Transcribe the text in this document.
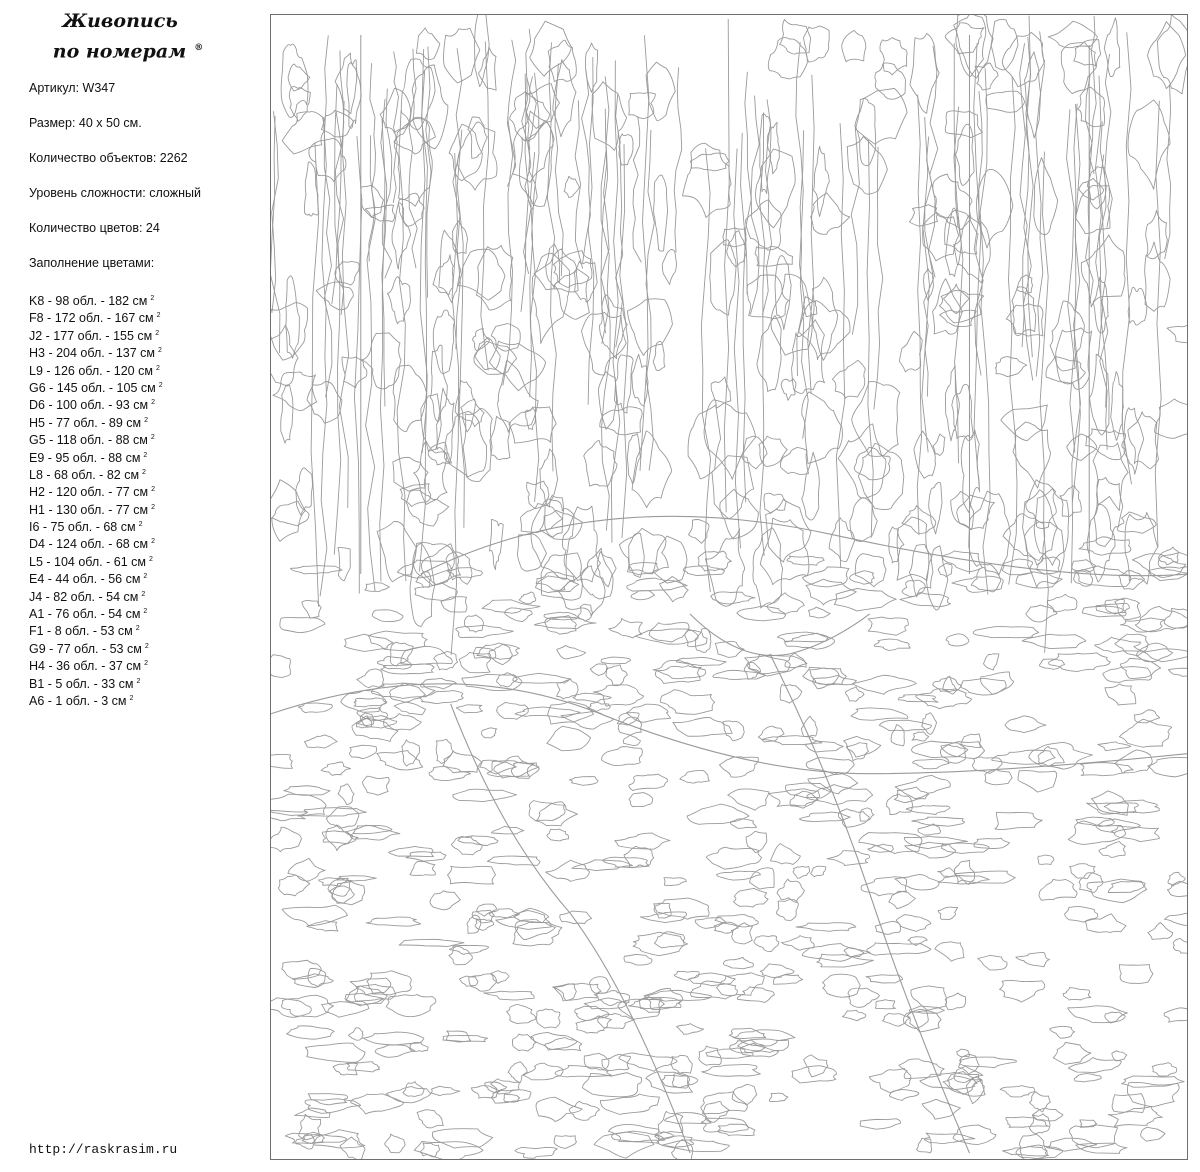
Живопись
по номерам ®
Артикул: W347
Размер: 40 х 50 см.
Количество объектов: 2262
Уровень сложности: сложный
Количество цветов: 24
Заполнение цветами:
K8 - 98 обл. - 182 см $^2$
F8 - 172 обл. - 167 см $^2$
J2 - 177 обл. - 155 см $^2$
H3 - 204 обл. - 137 см $^2$
L9 - 126 обл. - 120 см $^2$
G6 - 145 обл. - 105 см $^2$
D6 - 100 обл. - 93 см $^2$
H5 - 77 обл. - 89 см $^2$
G5 - 118 обл. - 88 см $^2$
E9 - 95 обл. - 88 см $^2$
L8 - 68 обл. - 82 см $^2$
H2 - 120 обл. - 77 см $^2$
H1 - 130 обл. - 77 см $^2$
I6 - 75 обл. - 68 см $^2$
D4 - 124 обл. - 68 см $^2$
L5 - 104 обл. - 61 см $^2$
E4 - 44 обл. - 56 см $^2$
J4 - 82 обл. - 54 см $^2$
A1 - 76 обл. - 54 см $^2$
F1 - 8 обл. - 53 см $^2$
G9 - 77 обл. - 53 см $^2$
H4 - 36 обл. - 37 см $^2$
B1 - 5 обл. - 33 см $^2$
A6 - 1 обл. - 3 см $^2$
http://raskrasim.ru
